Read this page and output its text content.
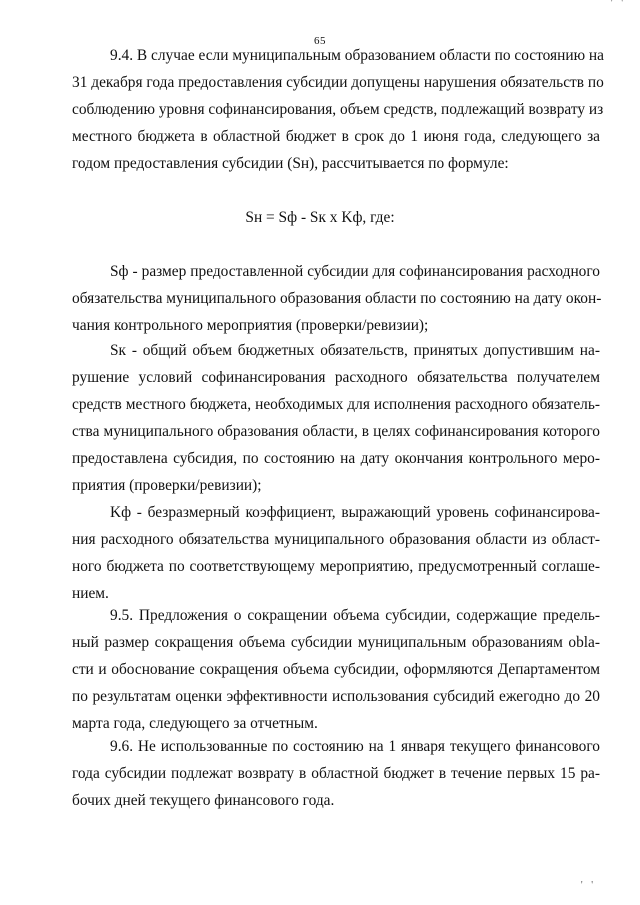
65
' '
9.4. В случае если муниципальным образованием области по состоянию на
31 декабря года предоставления субсидии допущены нарушения обязательств по
соблюдению уровня софинансирования, объем средств, подлежащий возврату из
местного бюджета в областной бюджет в срок до 1 июня года, следующего за
годом предоставления субсидии (Sн), рассчитывается по формуле:
Sн = Sф - Sк x Kф, где:
Sф - размер предоставленной субсидии для софинансирования расходного
обязательства муниципального образования области по состоянию на дату окон-
чания контрольного мероприятия (проверки/ревизии);
Sк - общий объем бюджетных обязательств, принятых допустившим на-
рушение условий софинансирования расходного обязательства получателем
средств местного бюджета, необходимых для исполнения расходного обязатель-
ства муниципального образования области, в целях софинансирования которого
предоставлена субсидия, по состоянию на дату окончания контрольного меро-
приятия (проверки/ревизии);
Kф - безразмерный коэффициент, выражающий уровень софинансирова-
ния расходного обязательства муниципального образования области из област-
ного бюджета по соответствующему мероприятию, предусмотренный соглаше-
нием.
9.5. Предложения о сокращении объема субсидии, содержащие предель-
ный размер сокращения объема субсидии муниципальным образованиям obla-
сти и обоснование сокращения объема субсидии, оформляются Департаментом
по результатам оценки эффективности использования субсидий ежегодно до 20
марта года, следующего за отчетным.
9.6. Не использованные по состоянию на 1 января текущего финансового
года субсидии подлежат возврату в областной бюджет в течение первых 15 ра-
бочих дней текущего финансового года.
' '
